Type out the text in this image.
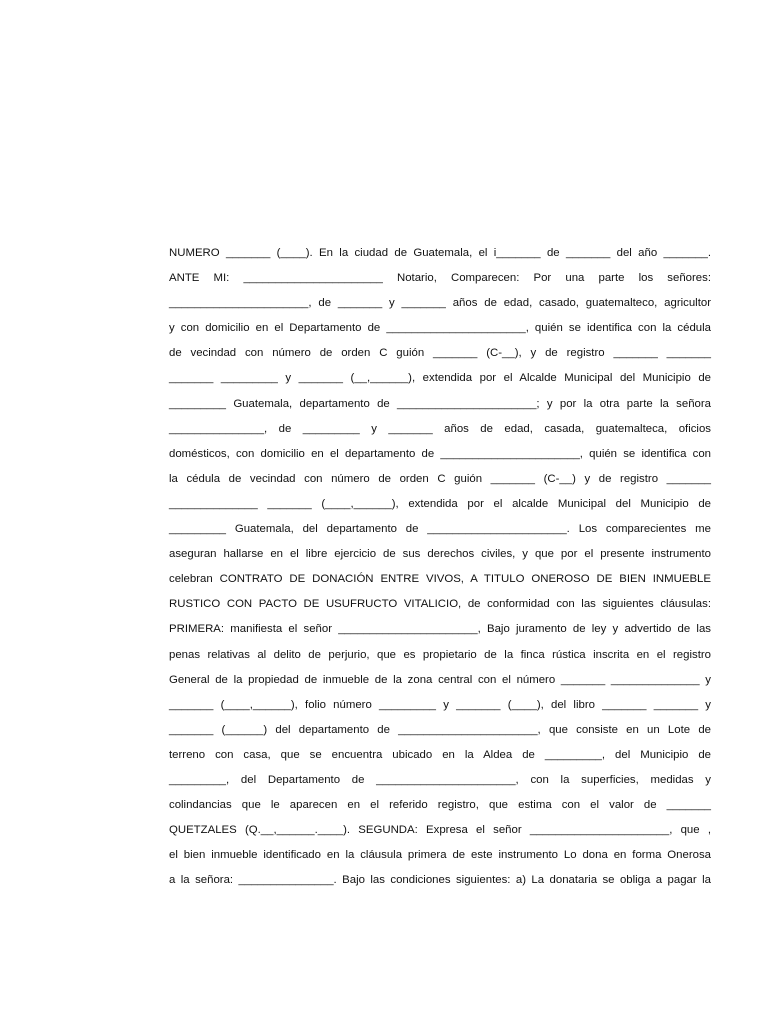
NUMERO _______ (____). En la ciudad de Guatemala, el i_______ de _______ del año _______.
ANTE MI: ______________________ Notario, Comparecen: Por una parte los señores:
______________________, de _______ y _______ años de edad, casado, guatemalteco, agricultor
y con domicilio en el Departamento de ______________________, quién se identifica con la cédula
de vecindad con número de orden C guión _______ (C-__), y de registro _______ _______
_______ _________ y _______ (__,______), extendida por el Alcalde Municipal del Municipio de
_________ Guatemala, departamento de ______________________; y por la otra parte la señora
_______________, de _________ y _______ años de edad, casada, guatemalteca, oficios
domésticos, con domicilio en el departamento de ______________________, quién se identifica con
la cédula de vecindad con número de orden C guión _______ (C-__) y de registro _______
______________ _______ (____,______), extendida por el alcalde Municipal del Municipio de
_________ Guatemala, del departamento de ______________________. Los comparecientes me
aseguran hallarse en el libre ejercicio de sus derechos civiles, y que por el presente instrumento
celebran CONTRATO DE DONACIÓN ENTRE VIVOS, A TITULO ONEROSO DE BIEN INMUEBLE
RUSTICO CON PACTO DE USUFRUCTO VITALICIO, de conformidad con las siguientes cláusulas:
PRIMERA: manifiesta el señor ______________________, Bajo juramento de ley y advertido de las
penas relativas al delito de perjurio, que es propietario de la finca rústica inscrita en el registro
General de la propiedad de inmueble de la zona central con el número _______ ______________ y
_______ (____,______), folio número _________ y _______ (____), del libro _______ _______ y
_______ (______) del departamento de ______________________, que consiste en un Lote de
terreno con casa, que se encuentra ubicado en la Aldea de _________, del Municipio de
_________, del Departamento de ______________________, con la superficies, medidas y
colindancias que le aparecen en el referido registro, que estima con el valor de _______
QUETZALES (Q.__,______.____). SEGUNDA: Expresa el señor ______________________, que ,
el bien inmueble identificado en la cláusula primera de este instrumento Lo dona en forma Onerosa
a la señora: _______________. Bajo las condiciones siguientes: a) La donataria se obliga a pagar la
